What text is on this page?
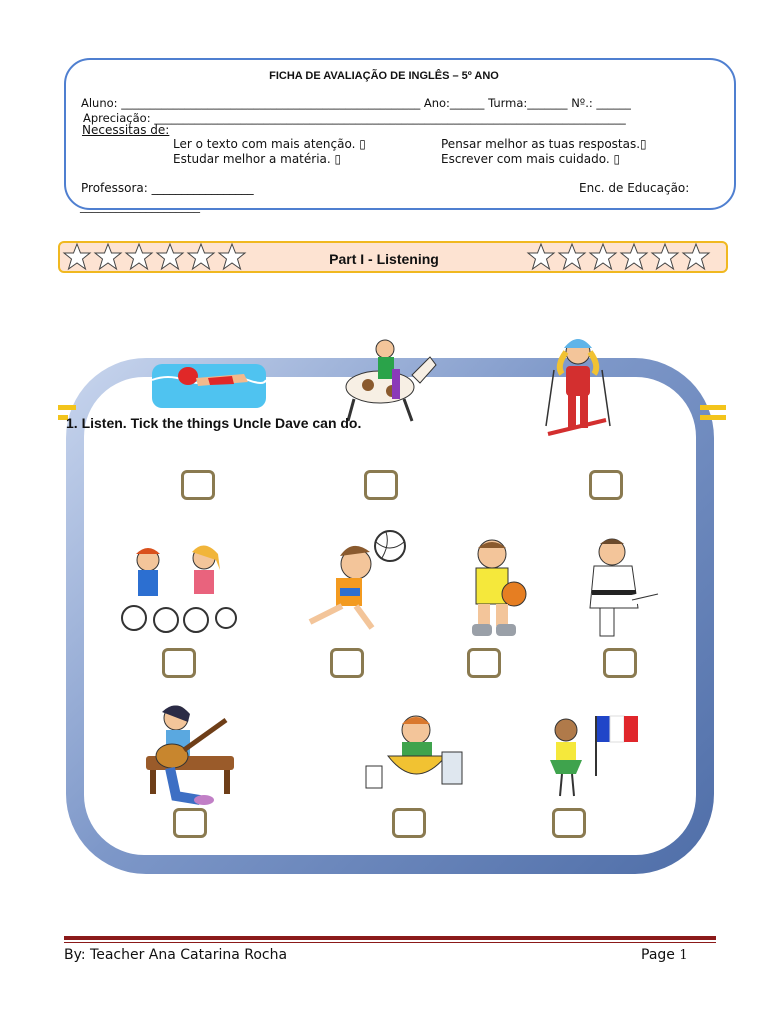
FICHA DE AVALIAÇÃO DE INGLÊS – 5º ANO
Aluno: ____________________________________________________ Ano:______ Turma:_______ Nº.: ______
Apreciação: __________________________________________________________________________________
Necessitas de:
Ler o texto com mais atenção. ▯	Pensar melhor as tuas respostas.▯
Estudar melhor a matéria. ▯	Escrever com mais cuidado. ▯
Professora: _________________	Enc. de Educação:
____________________
Part I - Listening
1. Listen. Tick the things Uncle Dave can do.
By: Teacher Ana Catarina Rocha	Page 1
